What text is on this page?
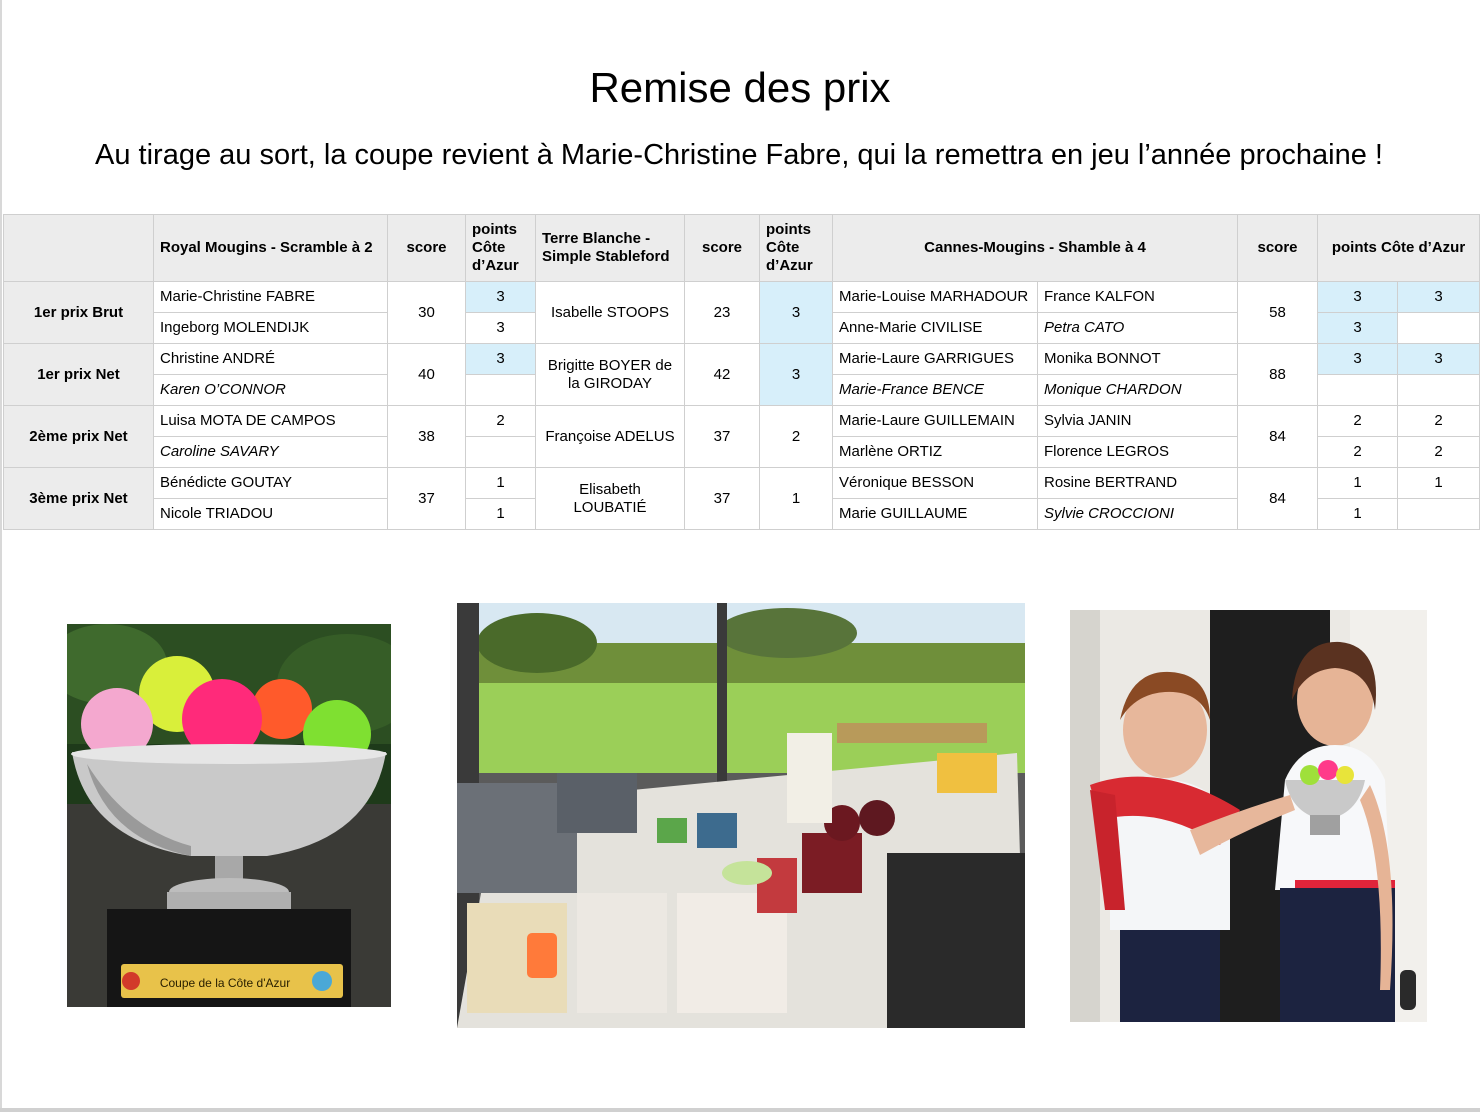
Remise des prix
Au tirage au sort, la coupe revient à Marie-Christine Fabre, qui la remettra en jeu l’année prochaine !
	Royal Mougins - Scramble à 2	score	points Côte d’Azur	Terre Blanche - Simple Stableford	score	points Côte d’Azur	Cannes-Mougins - Shamble à 4		score	points Côte d’Azur	
1er prix Brut	Marie-Christine FABRE	30	3	Isabelle STOOPS	23	3	Marie-Louise MARHADOUR	France KALFON	58	3	3
	Ingeborg MOLENDIJK		3				Anne-Marie CIVILISE	Petra CATO		3	
1er prix Net	Christine ANDRÉ	40	3	Brigitte BOYER de la GIRODAY	42	3	Marie-Laure GARRIGUES	Monika BONNOT	88	3	3
	Karen O’CONNOR						Marie-France BENCE	Monique CHARDON			
2ème prix Net	Luisa MOTA DE CAMPOS	38	2	Françoise ADELUS	37	2	Marie-Laure GUILLEMAIN	Sylvia JANIN	84	2	2
	Caroline SAVARY						Marlène ORTIZ	Florence LEGROS		2	2
3ème prix Net	Bénédicte GOUTAY	37	1	Elisabeth LOUBATIÉ	37	1	Véronique BESSON	Rosine BERTRAND	84	1	1
	Nicole TRIADOU		1				Marie GUILLAUME	Sylvie CROCCIONI		1	
Coupe de la Côte d'Azur
